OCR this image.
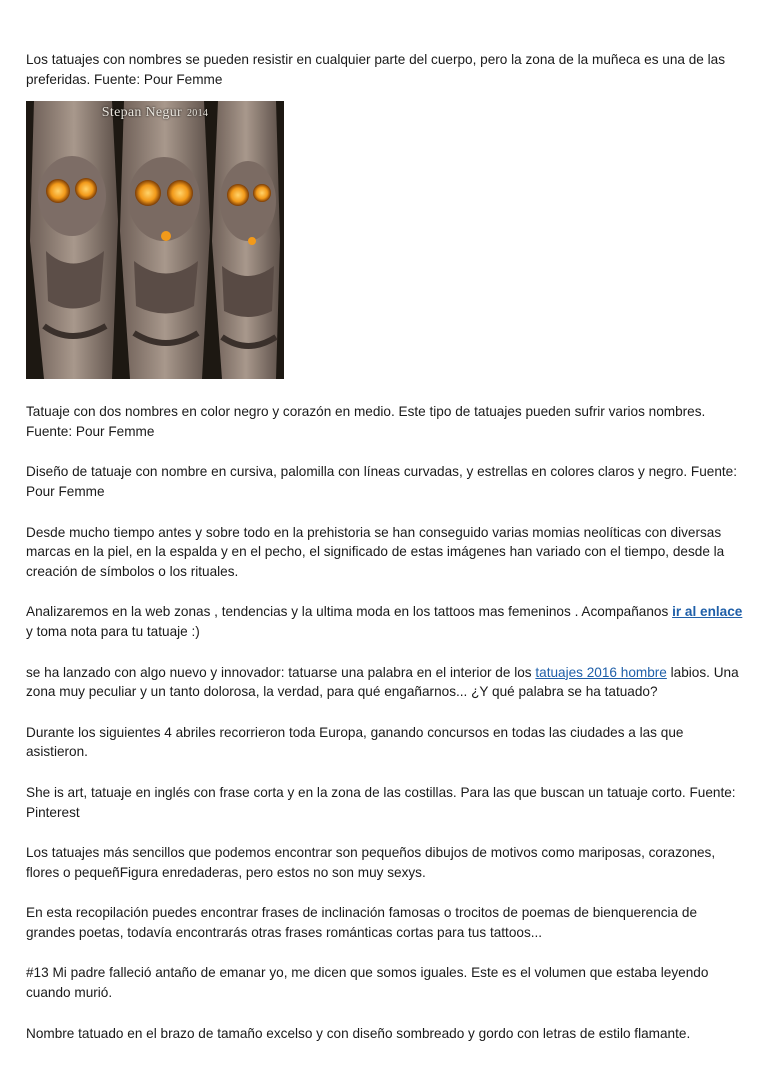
Los tatuajes con nombres se pueden resistir en cualquier parte del cuerpo, pero la zona de la muñeca es una de las preferidas. Fuente: Pour Femme

Stepan Negur 2014

Tatuaje con dos nombres en color negro y corazón en medio. Este tipo de tatuajes pueden sufrir varios nombres. Fuente: Pour Femme

Diseño de tatuaje con nombre en cursiva, palomilla con líneas curvadas, y estrellas en colores claros y negro. Fuente: Pour Femme

Desde mucho tiempo antes y sobre todo en la prehistoria se han conseguido varias momias neolíticas con diversas marcas en la piel, en la espalda y en el pecho, el significado de estas imágenes han variado con el tiempo, desde la creación de símbolos o los rituales.

Analizaremos en la web zonas , tendencias y la ultima moda en los tattoos mas femeninos . Acompañanos ir al enlace y toma nota para tu tatuaje :)

se ha lanzado con algo nuevo y innovador: tatuarse una palabra en el interior de los tatuajes 2016 hombre labios. Una zona muy peculiar y un tanto dolorosa, la verdad, para qué engañarnos... ¿Y qué palabra se ha tatuado?

Durante los siguientes 4 abriles recorrieron toda Europa, ganando concursos en todas las ciudades a las que asistieron.

She is art, tatuaje en inglés con frase corta y en la zona de las costillas. Para las que buscan un tatuaje corto. Fuente: Pinterest

Los tatuajes más sencillos que podemos encontrar son pequeños dibujos de motivos como mariposas, corazones, flores o pequeñFigura enredaderas, pero estos no son muy sexys.

En esta recopilación puedes encontrar frases de inclinación famosas o trocitos de poemas de bienquerencia de grandes poetas, todavía encontrarás otras frases románticas cortas para tus tattoos...

#13 Mi padre falleció antaño de emanar yo, me dicen que somos iguales. Este es el volumen que estaba leyendo cuando murió.

Nombre tatuado en el brazo de tamaño excelso y con diseño sombreado y gordo con letras de estilo flamante.
